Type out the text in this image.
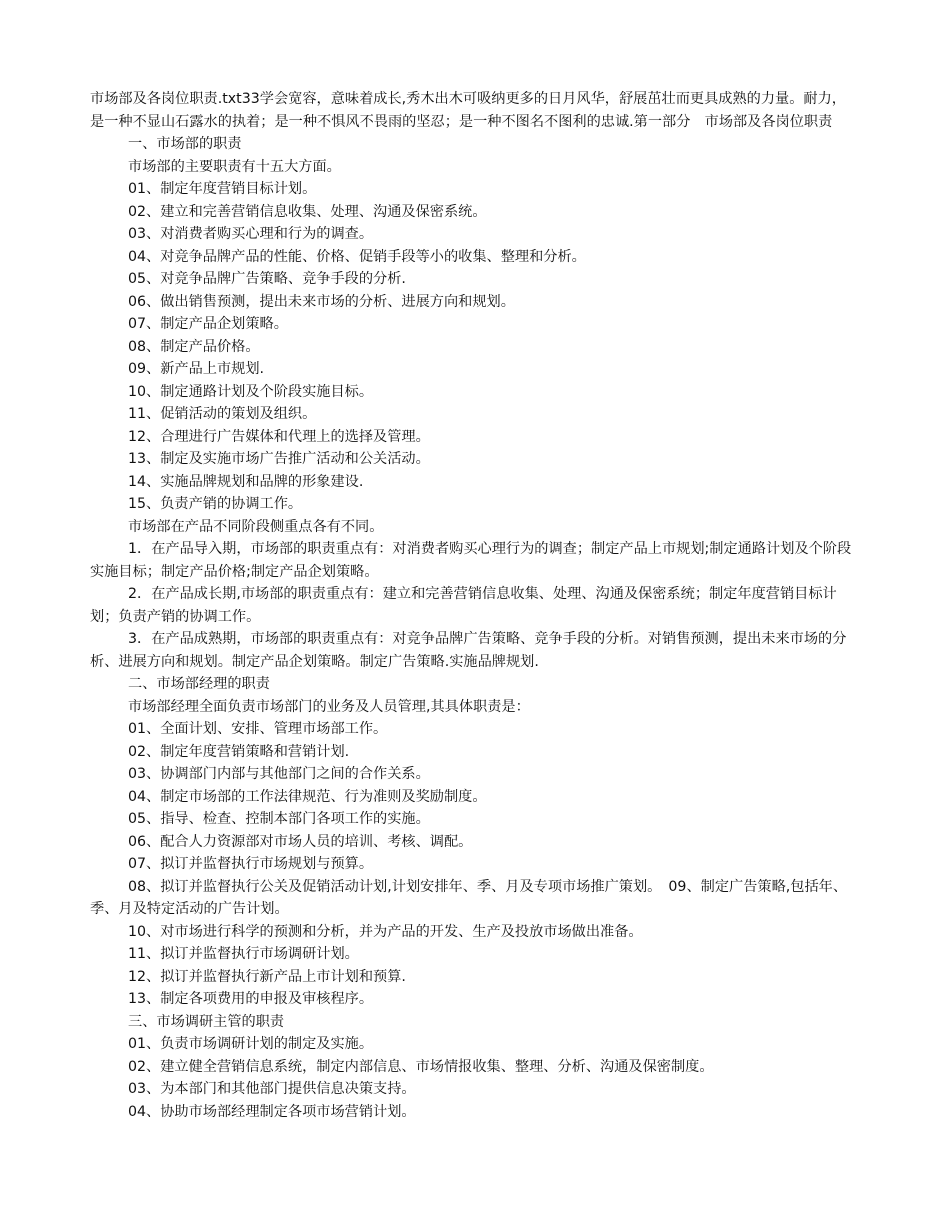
市场部及各岗位职责.txt33学会宽容，意味着成长,秀木出木可吸纳更多的日月风华，舒展茁壮而更具成熟的力量。耐力，是一种不显山石露水的执着；是一种不惧风不畏雨的坚忍；是一种不图名不图利的忠诚.第一部分　市场部及各岗位职责

一、市场部的职责

市场部的主要职责有十五大方面。

01、制定年度营销目标计划。

02、建立和完善营销信息收集、处理、沟通及保密系统。

03、对消费者购买心理和行为的调查。

04、对竞争品牌产品的性能、价格、促销手段等小的收集、整理和分析。

05、对竞争品牌广告策略、竞争手段的分析.

06、做出销售预测，提出未来市场的分析、进展方向和规划。

07、制定产品企划策略。

08、制定产品价格。

09、新产品上市规划.

10、制定通路计划及个阶段实施目标。

11、促销活动的策划及组织。

12、合理进行广告媒体和代理上的选择及管理。

13、制定及实施市场广告推广活动和公关活动。

14、实施品牌规划和品牌的形象建设.

15、负责产销的协调工作。

市场部在产品不同阶段侧重点各有不同。

1．在产品导入期，市场部的职责重点有：对消费者购买心理行为的调查；制定产品上市规划;制定通路计划及个阶段实施目标；制定产品价格;制定产品企划策略。

2．在产品成长期,市场部的职责重点有：建立和完善营销信息收集、处理、沟通及保密系统；制定年度营销目标计划；负责产销的协调工作。

3．在产品成熟期，市场部的职责重点有：对竞争品牌广告策略、竞争手段的分析。对销售预测，提出未来市场的分析、进展方向和规划。制定产品企划策略。制定广告策略.实施品牌规划.

二、市场部经理的职责

市场部经理全面负责市场部门的业务及人员管理,其具体职责是：

01、全面计划、安排、管理市场部工作。

02、制定年度营销策略和营销计划.

03、协调部门内部与其他部门之间的合作关系。

04、制定市场部的工作法律规范、行为准则及奖励制度。

05、指导、检查、控制本部门各项工作的实施。

06、配合人力资源部对市场人员的培训、考核、调配。

07、拟订并监督执行市场规划与预算。

08、拟订并监督执行公关及促销活动计划,计划安排年、季、月及专项市场推广策划。　09、制定广告策略,包括年、季、月及特定活动的广告计划。

10、对市场进行科学的预测和分析，并为产品的开发、生产及投放市场做出准备。

11、拟订并监督执行市场调研计划。

12、拟订并监督执行新产品上市计划和预算.

13、制定各项费用的申报及审核程序。

三、市场调研主管的职责

01、负责市场调研计划的制定及实施。

02、建立健全营销信息系统，制定内部信息、市场情报收集、整理、分析、沟通及保密制度。

03、为本部门和其他部门提供信息决策支持。

04、协助市场部经理制定各项市场营销计划。
